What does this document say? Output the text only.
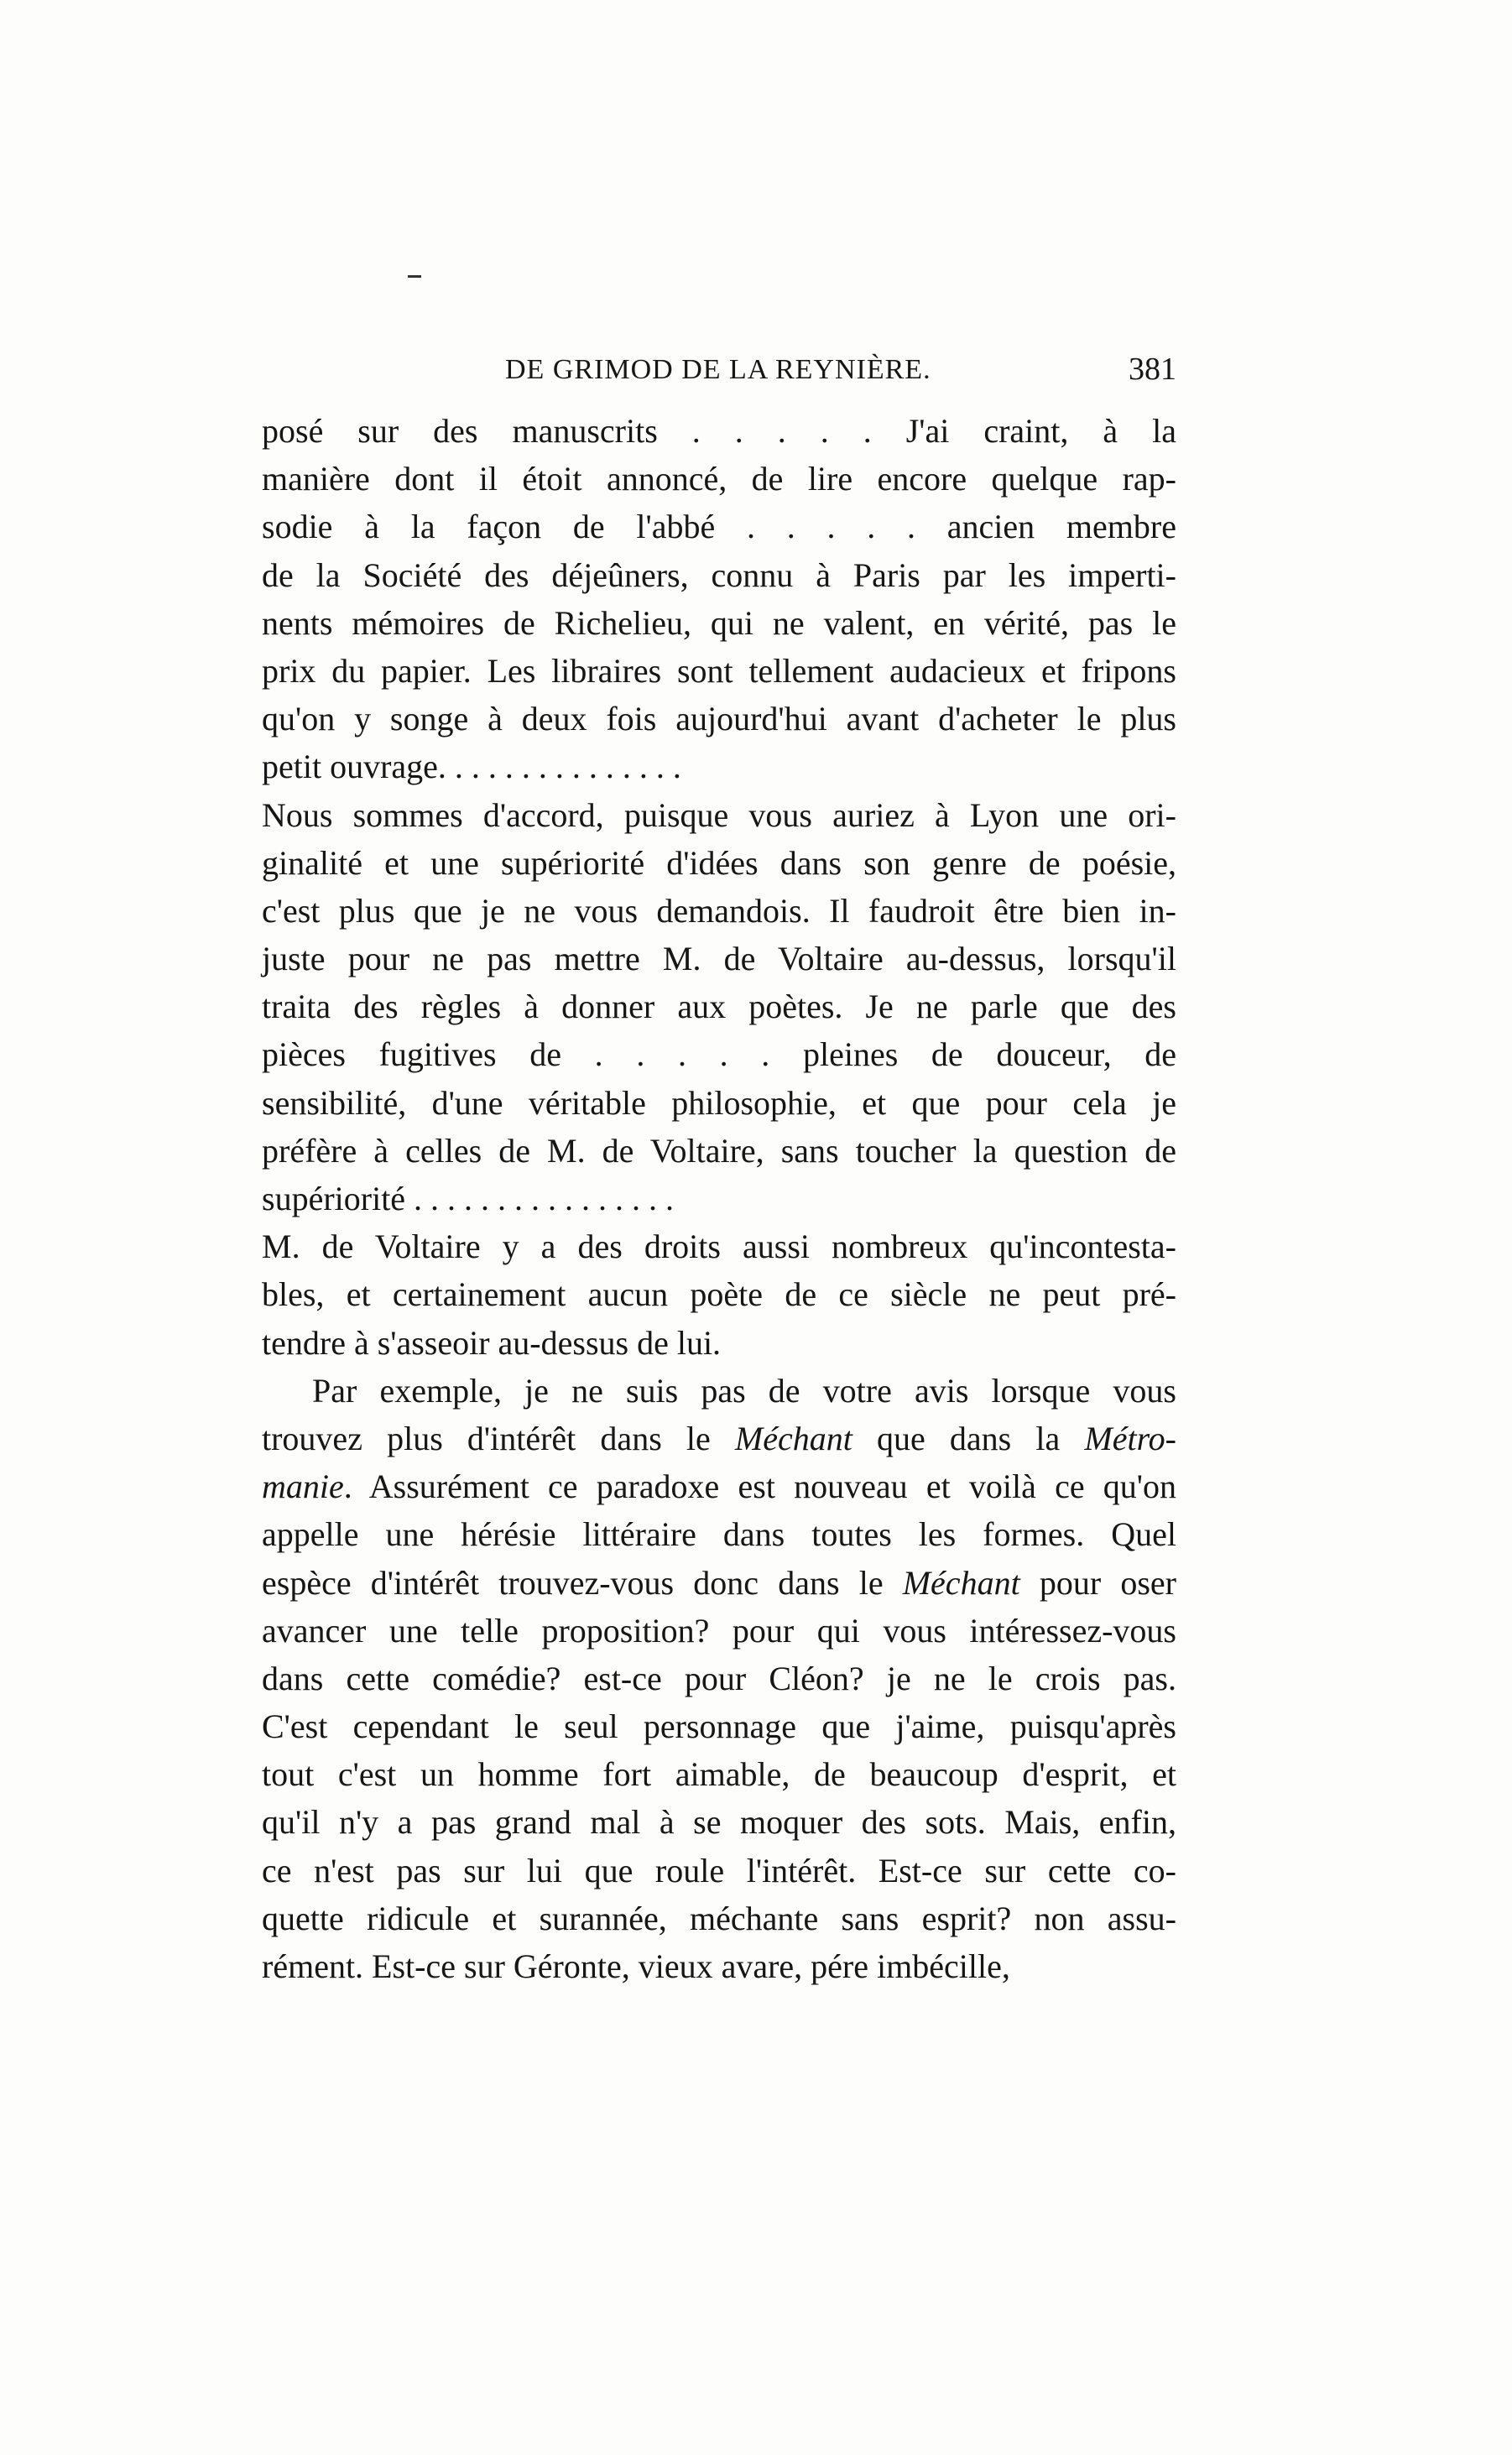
DE GRIMOD DE LA REYNIÈRE.	381
posé sur des manuscrits . . . . . J'ai craint, à la
manière dont il étoit annoncé, de lire encore quelque rap-
sodie à la façon de l'abbé . . . . . ancien membre
de la Société des déjeûners, connu à Paris par les imperti-
nents mémoires de Richelieu, qui ne valent, en vérité, pas le
prix du papier. Les libraires sont tellement audacieux et fripons
qu'on y songe à deux fois aujourd'hui avant d'acheter le plus
petit ouvrage. . . . . . . . . . . . . . .
Nous sommes d'accord, puisque vous auriez à Lyon une ori-
ginalité et une supériorité d'idées dans son genre de poésie,
c'est plus que je ne vous demandois. Il faudroit être bien in-
juste pour ne pas mettre M. de Voltaire au-dessus, lorsqu'il
traita des règles à donner aux poètes. Je ne parle que des
pièces fugitives de . . . . . pleines de douceur, de
sensibilité, d'une véritable philosophie, et que pour cela je
préfère à celles de M. de Voltaire, sans toucher la question de
supériorité . . . . . . . . . . . . . . . .
M. de Voltaire y a des droits aussi nombreux qu'incontesta-
bles, et certainement aucun poète de ce siècle ne peut pré-
tendre à s'asseoir au-dessus de lui.
Par exemple, je ne suis pas de votre avis lorsque vous
trouvez plus d'intérêt dans le Méchant que dans la Métro-
manie. Assurément ce paradoxe est nouveau et voilà ce qu'on
appelle une hérésie littéraire dans toutes les formes. Quel
espèce d'intérêt trouvez-vous donc dans le Méchant pour oser
avancer une telle proposition? pour qui vous intéressez-vous
dans cette comédie? est-ce pour Cléon? je ne le crois pas.
C'est cependant le seul personnage que j'aime, puisqu'après
tout c'est un homme fort aimable, de beaucoup d'esprit, et
qu'il n'y a pas grand mal à se moquer des sots. Mais, enfin,
ce n'est pas sur lui que roule l'intérêt. Est-ce sur cette co-
quette ridicule et surannée, méchante sans esprit? non assu-
rément. Est-ce sur Géronte, vieux avare, pére imbécille,
